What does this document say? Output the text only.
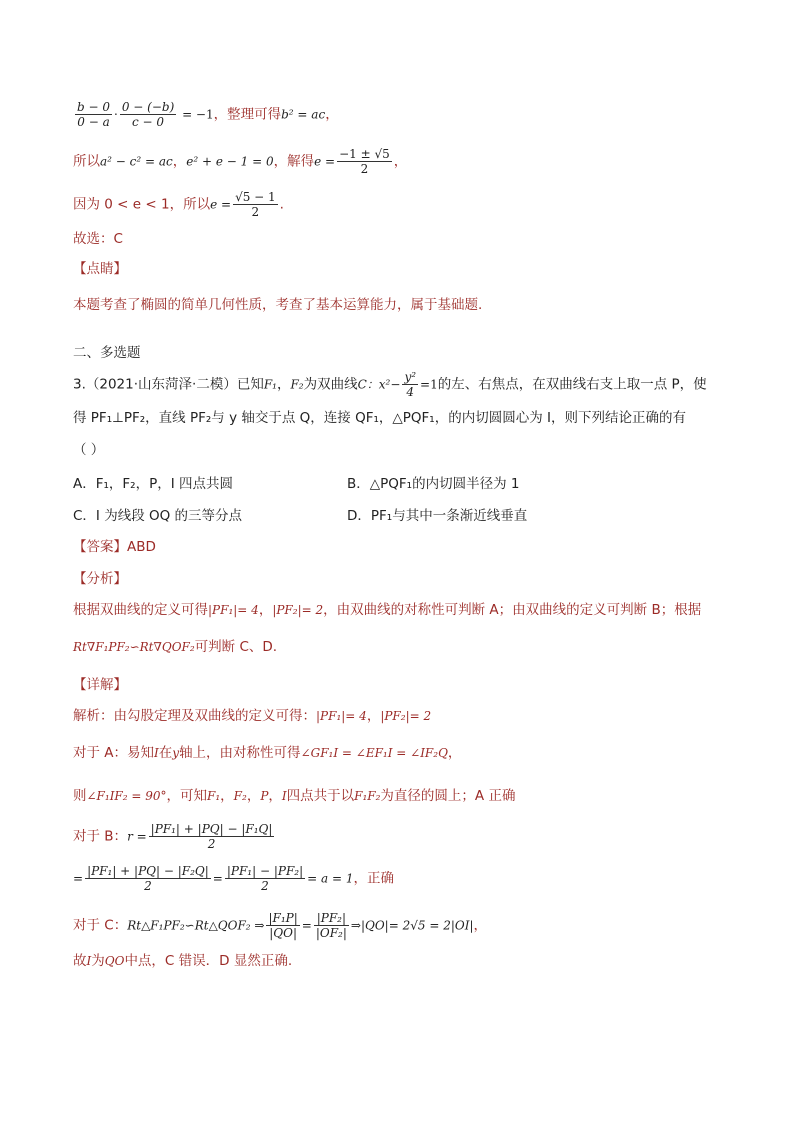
$\frac{b - 0}{0 - a} \cdot \frac{0 - (-b)}{c - 0} = -1$，整理可得b² = ac，
所以a² − c² = ac，e² + e − 1 = 0，解得$e = \frac{-1 \pm √5}{2}$ ，
因为 0 < e < 1，所以$e = \frac{√5 - 1}{2}$ .
故选：C
【点睛】
本题考查了椭圆的简单几何性质，考查了基本运算能力，属于基础题.
二、多选题
3.（2021·山东菏泽·二模）已知F₁，F₂为双曲线C：$x^2- \frac{\text{y²}}{4} =1$的左、右焦点，在双曲线右支上取一点 P，使
得 PF₁⊥PF₂，直线 PF₂与 y 轴交于点 Q，连接 QF₁，△PQF₁，的内切圆圆心为 I，则下列结论正确的有
（ ）
A．F₁，F₂，P，I 四点共圆	B．△PQF₁的内切圆半径为 1
C．I 为线段 OQ 的三等分点	D．PF₁与其中一条渐近线垂直
【答案】ABD
【分析】
根据双曲线的定义可得|PF₁|= 4，|PF₂|= 2，由双曲线的对称性可判断 A；由双曲线的定义可判断 B；根据
Rt∇F₁PF₂∽Rt∇QOF₂可判断 C、D.
【详解】
解析：由勾股定理及双曲线的定义可得：|PF₁|= 4，|PF₂|= 2
对于 A：易知I在y轴上，由对称性可得∠GF₁I = ∠EF₁I = ∠IF₂Q，
则∠F₁IF₂ = 90°，可知F₁，F₂，P，I四点共于以F₁F₂为直径的圆上；A 正确
对于 B：$r = \frac{\text{|PF₁| + |PQ| − |F₁Q|}}{2}$
= $\frac{\text{|PF₁| + |PQ| − |F₂Q|}}{2} = \frac{\text{|PF₁| − |PF₂|}}{2} = a = 1$，正确
对于 C：Rt△F₁PF₂∽Rt△QOF₂ ⇒ $\frac{\text{|F₁P|}}{|QO|} = \frac{\text{|PF₂|}}{\text{|OF₂|}}$ ⇒|QO|= 2√5 = 2|OI|，
故I为QO中点，C 错误．D 显然正确.
